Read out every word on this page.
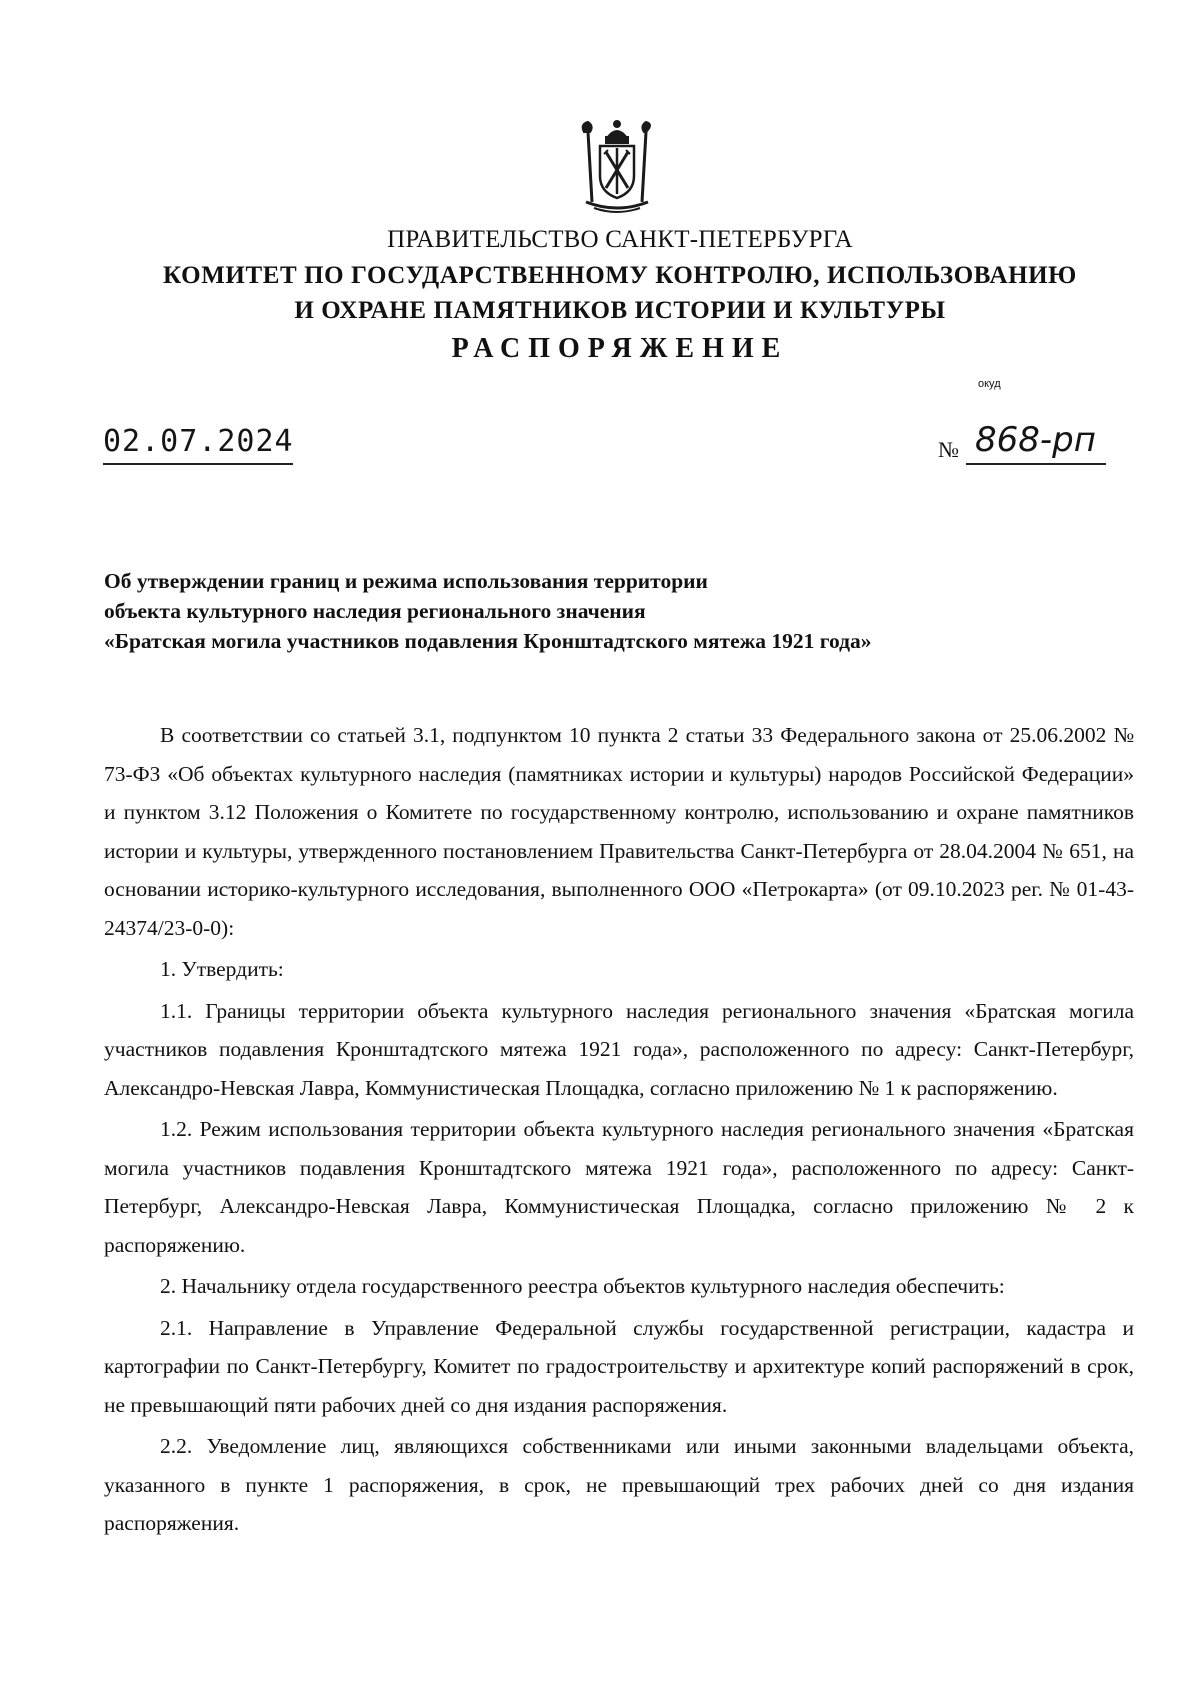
ПРАВИТЕЛЬСТВО САНКТ-ПЕТЕРБУРГА
КОМИТЕТ ПО ГОСУДАРСТВЕННОМУ КОНТРОЛЮ, ИСПОЛЬЗОВАНИЮ
И ОХРАНЕ ПАМЯТНИКОВ ИСТОРИИ И КУЛЬТУРЫ
РАСПОРЯЖЕНИЕ
окуд
02.07.2024	№ 868-рп
Об утверждении границ и режима использования территории
объекта культурного наследия регионального значения
«Братская могила участников подавления Кронштадтского мятежа 1921 года»

В соответствии со статьей 3.1, подпунктом 10 пункта 2 статьи 33 Федерального закона от 25.06.2002 № 73-ФЗ «Об объектах культурного наследия (памятниках истории и культуры) народов Российской Федерации» и пунктом 3.12 Положения о Комитете по государственному контролю, использованию и охране памятников истории и культуры, утвержденного постановлением Правительства Санкт-Петербурга от 28.04.2004 № 651, на основании историко-культурного исследования, выполненного ООО «Петрокарта» (от 09.10.2023 рег. № 01-43-24374/23-0-0):

1. Утвердить:

1.1. Границы территории объекта культурного наследия регионального значения «Братская могила участников подавления Кронштадтского мятежа 1921 года», расположенного по адресу: Санкт-Петербург, Александро-Невская Лавра, Коммунистическая Площадка, согласно приложению № 1 к распоряжению.

1.2. Режим использования территории объекта культурного наследия регионального значения «Братская могила участников подавления Кронштадтского мятежа 1921 года», расположенного по адресу: Санкт-Петербург, Александро-Невская Лавра, Коммунистическая Площадка, согласно приложению № 2 к распоряжению.

2. Начальнику отдела государственного реестра объектов культурного наследия обеспечить:

2.1. Направление в Управление Федеральной службы государственной регистрации, кадастра и картографии по Санкт-Петербургу, Комитет по градостроительству и архитектуре копий распоряжений в срок, не превышающий пяти рабочих дней со дня издания распоряжения.

2.2. Уведомление лиц, являющихся собственниками или иными законными владельцами объекта, указанного в пункте 1 распоряжения, в срок, не превышающий трех рабочих дней со дня издания распоряжения.
